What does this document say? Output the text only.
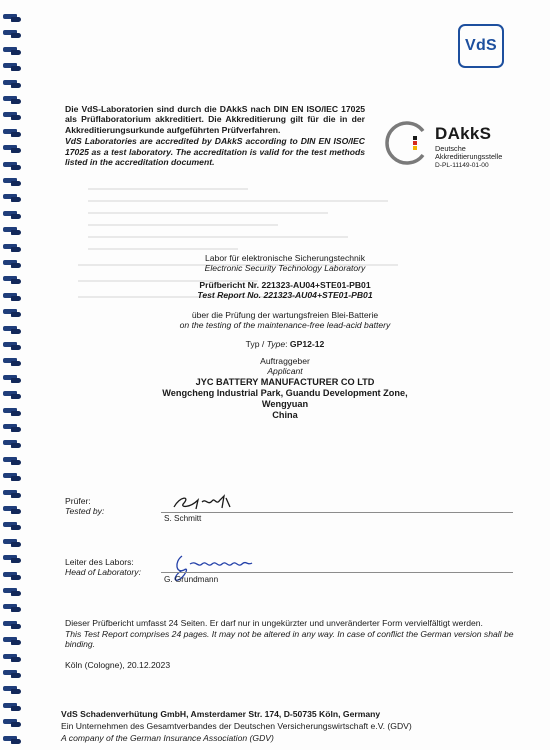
VdS

Die VdS-Laboratorien sind durch die DAkkS nach DIN EN ISO/IEC 17025 als Prüflaboratorium akkreditiert. Die Akkreditierung gilt für die in der Akkreditierungsurkunde aufgeführten Prüfverfahren.

VdS Laboratories are accredited by DAkkS according to DIN EN ISO/IEC 17025 as a test laboratory. The accreditation is valid for the test methods listed in the accreditation document.

DAkkS
Deutsche
Akkreditierungsstelle
D-PL-11149-01-00
Labor für elektronische Sicherungstechnik
Electronic Security Technology Laboratory
Prüfbericht Nr. 221323-AU04+STE01-PB01
Test Report No. 221323-AU04+STE01-PB01
über die Prüfung der wartungsfreien Blei-Batterie
on the testing of the maintenance-free lead-acid battery
Typ / Type: GP12-12
Auftraggeber
Applicant
JYC BATTERY MANUFACTURER CO LTD
Wengcheng Industrial Park, Guandu Development Zone,
Wengyuan
China
Prüfer:
Tested by:
S. Schmitt
Leiter des Labors:
Head of Laboratory:
G. Grundmann

Dieser Prüfbericht umfasst 24 Seiten. Er darf nur in ungekürzter und unveränderter Form vervielfältigt werden.

This Test Report comprises 24 pages. It may not be altered in any way. In case of conflict the German version shall be binding.

Köln (Cologne), 20.12.2023
VdS Schadenverhütung GmbH, Amsterdamer Str. 174, D-50735 Köln, Germany
Ein Unternehmen des Gesamtverbandes der Deutschen Versicherungswirtschaft e.V. (GDV)
A company of the German Insurance Association (GDV)
